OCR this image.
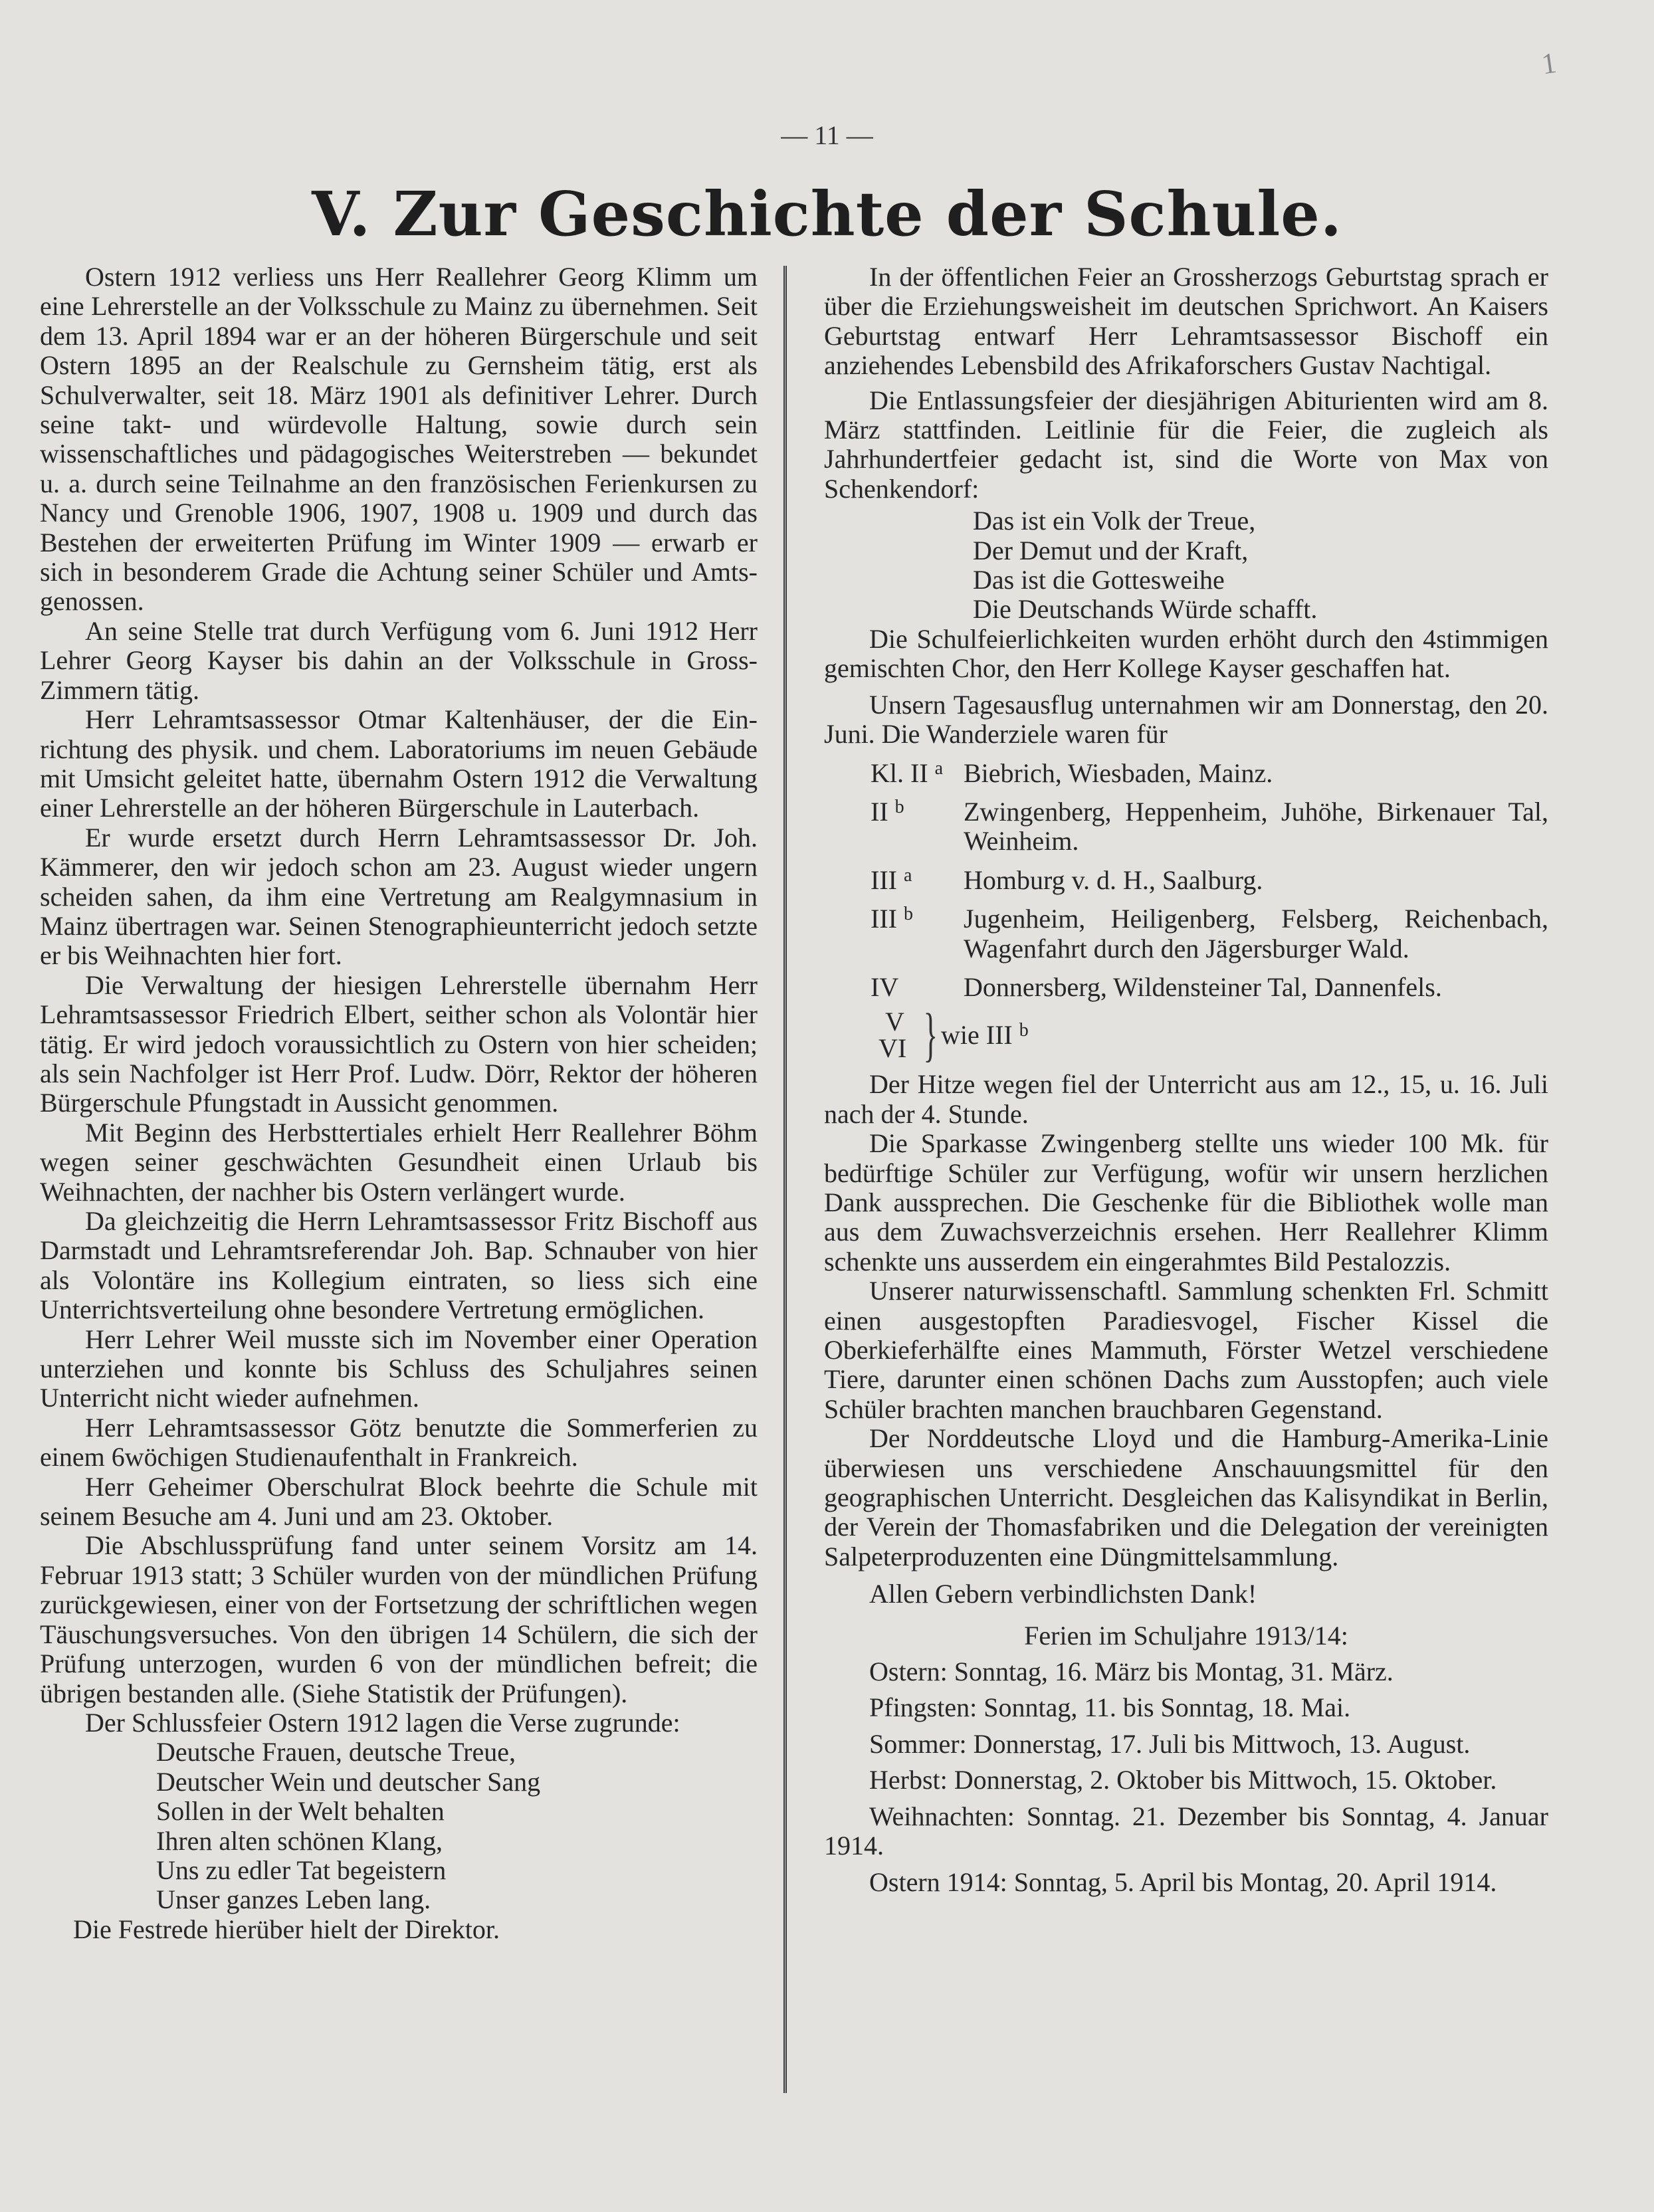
— 11 —
1
V. Zur Geschichte der Schule.

Ostern 1912 verliess uns Herr Reallehrer Georg Klimm um eine Lehrerstelle an der Volksschule zu Mainz zu übernehmen. Seit dem 13. April 1894 war er an der höheren Bürgerschule und seit Ostern 1895 an der Realschule zu Gernsheim tätig, erst als Schulverwalter, seit 18. März 1901 als definitiver Lehrer. Durch seine takt- und würdevolle Haltung, sowie durch sein wissenschaftliches und pädagogisches Weiterstreben — bekundet u. a. durch seine Teilnahme an den französischen Ferienkursen zu Nancy und Grenoble 1906, 1907, 1908 u. 1909 und durch das Bestehen der erweiterten Prüfung im Winter 1909 — erwarb er sich in besonderem Grade die Achtung seiner Schüler und Amtsgenossen.

An seine Stelle trat durch Verfügung vom 6. Juni 1912 Herr Lehrer Georg Kayser bis dahin an der Volksschule in Gross-Zimmern tätig.

Herr Lehramtsassessor Otmar Kaltenhäuser, der die Einrichtung des physik. und chem. Laboratoriums im neuen Gebäude mit Umsicht geleitet hatte, übernahm Ostern 1912 die Verwaltung einer Lehrerstelle an der höheren Bürgerschule in Lauterbach.

Er wurde ersetzt durch Herrn Lehramtsassessor Dr. Joh. Kämmerer, den wir jedoch schon am 23. August wieder ungern scheiden sahen, da ihm eine Vertretung am Realgymnasium in Mainz übertragen war. Seinen Stenographieunterricht jedoch setzte er bis Weihnachten hier fort.

Die Verwaltung der hiesigen Lehrerstelle übernahm Herr Lehramtsassessor Friedrich Elbert, seither schon als Volontär hier tätig. Er wird jedoch voraussichtlich zu Ostern von hier scheiden; als sein Nachfolger ist Herr Prof. Ludw. Dörr, Rektor der höheren Bürgerschule Pfungstadt in Aussicht genommen.

Mit Beginn des Herbsttertiales erhielt Herr Reallehrer Böhm wegen seiner geschwächten Gesundheit einen Urlaub bis Weihnachten, der nachher bis Ostern verlängert wurde.

Da gleichzeitig die Herrn Lehramtsassessor Fritz Bischoff aus Darmstadt und Lehramtsreferendar Joh. Bap. Schnauber von hier als Volontäre ins Kollegium eintraten, so liess sich eine Unterrichtsverteilung ohne besondere Vertretung ermöglichen.

Herr Lehrer Weil musste sich im November einer Operation unterziehen und konnte bis Schluss des Schuljahres seinen Unterricht nicht wieder aufnehmen.

Herr Lehramtsassessor Götz benutzte die Sommerferien zu einem 6wöchigen Studienaufenthalt in Frankreich.

Herr Geheimer Oberschulrat Block beehrte die Schule mit seinem Besuche am 4. Juni und am 23. Oktober.

Die Abschlussprüfung fand unter seinem Vorsitz am 14. Februar 1913 statt; 3 Schüler wurden von der mündlichen Prüfung zurückgewiesen, einer von der Fortsetzung der schriftlichen wegen Täuschungsversuches. Von den übrigen 14 Schülern, die sich der Prüfung unterzogen, wurden 6 von der mündlichen befreit; die übrigen bestanden alle. (Siehe Statistik der Prüfungen).

Der Schlussfeier Ostern 1912 lagen die Verse zugrunde:

Deutsche Frauen, deutsche Treue,
Deutscher Wein und deutscher Sang
Sollen in der Welt behalten
Ihren alten schönen Klang,
Uns zu edler Tat begeistern
Unser ganzes Leben lang.

Die Festrede hierüber hielt der Direktor.

In der öffentlichen Feier an Grossherzogs Geburtstag sprach er über die Erziehungsweisheit im deutschen Sprichwort. An Kaisers Geburtstag entwarf Herr Lehramtsassessor Bischoff ein anziehendes Lebensbild des Afrikaforschers Gustav Nachtigal.

Die Entlassungsfeier der diesjährigen Abiturienten wird am 8. März stattfinden. Leitlinie für die Feier, die zugleich als Jahrhundertfeier gedacht ist, sind die Worte von Max von Schenkendorf:

Das ist ein Volk der Treue,
Der Demut und der Kraft,
Das ist die Gottesweihe
Die Deutschands Würde schafft.

Die Schulfeierlichkeiten wurden erhöht durch den 4stimmigen gemischten Chor, den Herr Kollege Kayser geschaffen hat.

Unsern Tagesausflug unternahmen wir am Donnerstag, den 20. Juni. Die Wanderziele waren für

Kl. II $^a$ Biebrich, Wiesbaden, Mainz.
II $^b$	Zwingenberg, Heppenheim, Juhöhe, Birkenauer Tal, Weinheim.
III $^a$	Homburg v. d. H., Saalburg.
III $^b$	Jugenheim, Heiligenberg, Felsberg, Reichenbach, Wagenfahrt durch den Jägersburger Wald.
IV	Donnersberg, Wildensteiner Tal, Dannenfels.
V
VI } wie III $^b$

Der Hitze wegen fiel der Unterricht aus am 12., 15, u. 16. Juli nach der 4. Stunde.

Die Sparkasse Zwingenberg stellte uns wieder 100 Mk. für bedürftige Schüler zur Verfügung, wofür wir unsern herzlichen Dank aussprechen. Die Geschenke für die Bibliothek wolle man aus dem Zuwachsverzeichnis ersehen. Herr Reallehrer Klimm schenkte uns ausserdem ein eingerahmtes Bild Pestalozzis.

Unserer naturwissenschaftl. Sammlung schenkten Frl. Schmitt einen ausgestopften Paradiesvogel, Fischer Kissel die Oberkieferhälfte eines Mammuth, Förster Wetzel verschiedene Tiere, darunter einen schönen Dachs zum Ausstopfen; auch viele Schüler brachten manchen brauchbaren Gegenstand.

Der Norddeutsche Lloyd und die Hamburg-Amerika-Linie überwiesen uns verschiedene Anschauungsmittel für den geographischen Unterricht. Desgleichen das Kalisyndikat in Berlin, der Verein der Thomasfabriken und die Delegation der vereinigten Salpeterproduzenten eine Düngmittelsammlung.

Allen Gebern verbindlichsten Dank!

Ferien im Schuljahre 1913/14:

Ostern: Sonntag, 16. März bis Montag, 31. März.

Pfingsten: Sonntag, 11. bis Sonntag, 18. Mai.

Sommer: Donnerstag, 17. Juli bis Mittwoch, 13. August.

Herbst: Donnerstag, 2. Oktober bis Mittwoch, 15. Oktober.

Weihnachten: Sonntag. 21. Dezember bis Sonntag, 4. Januar 1914.

Ostern 1914: Sonntag, 5. April bis Montag, 20. April 1914.
